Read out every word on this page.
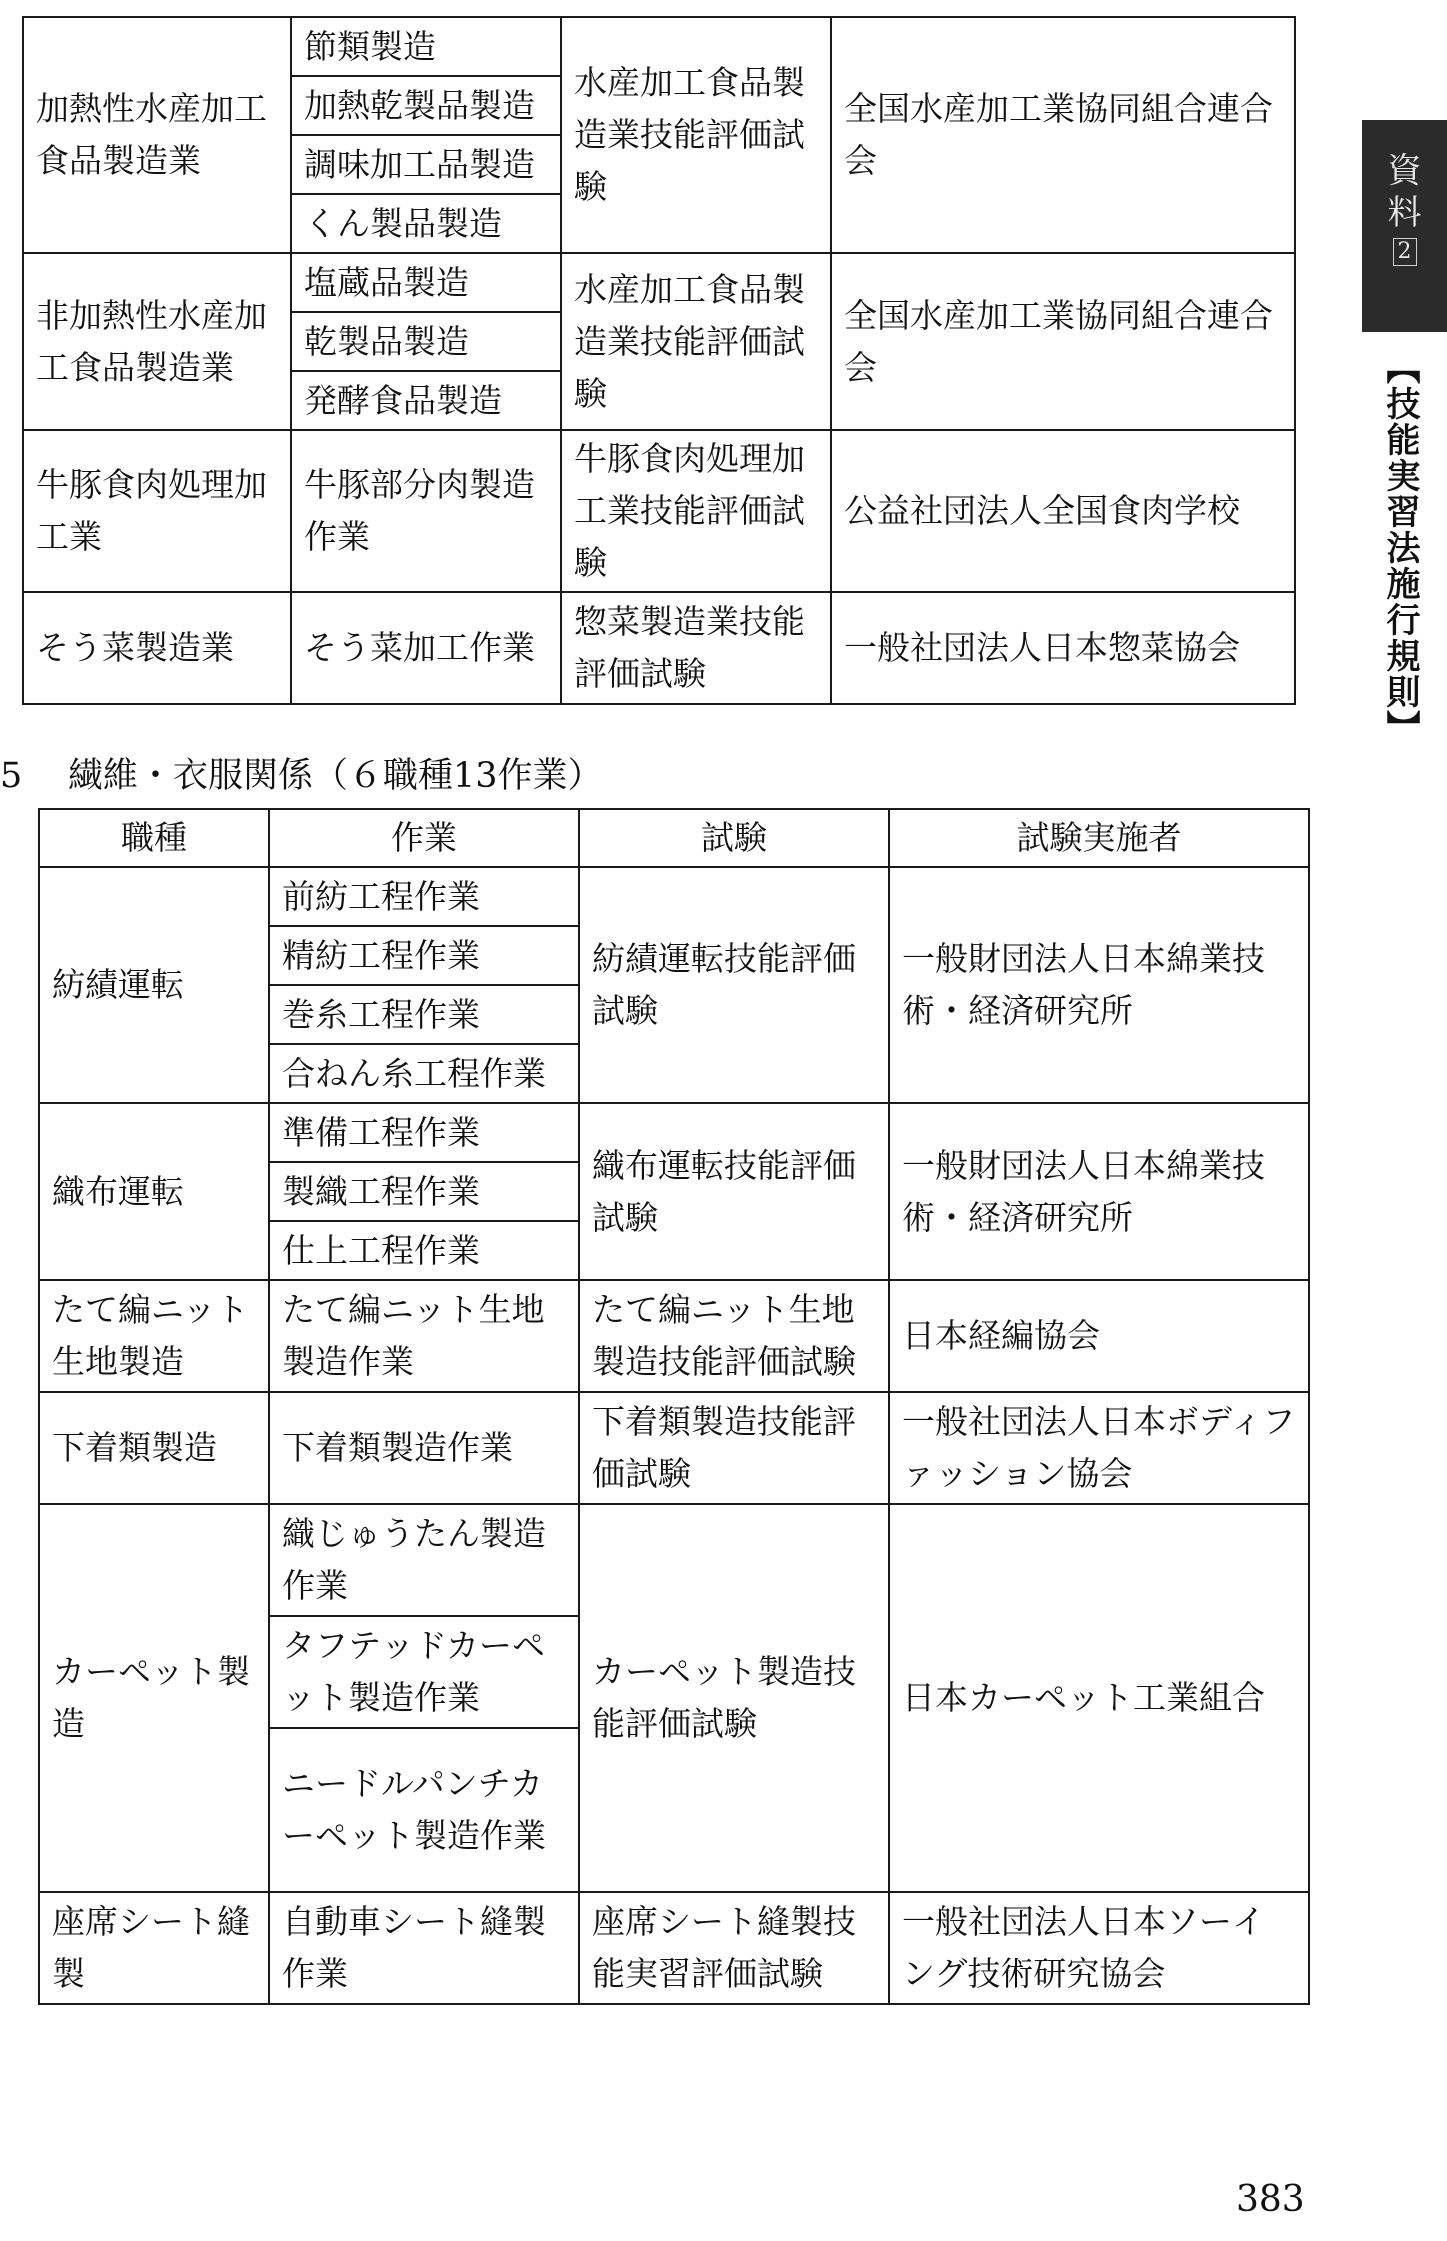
加熱性水産加工食品製造業	節類製造	水産加工食品製造業技能評価試験	全国水産加工業協同組合連合会
	加熱乾製品製造		
	調味加工品製造		
	くん製品製造		
非加熱性水産加工食品製造業	塩蔵品製造	水産加工食品製造業技能評価試験	全国水産加工業協同組合連合会
	乾製品製造		
	発酵食品製造		
牛豚食肉処理加工業	牛豚部分肉製造作業	牛豚食肉処理加工業技能評価試験	公益社団法人全国食肉学校
そう菜製造業	そう菜加工作業	惣菜製造業技能評価試験	一般社団法人日本惣菜協会
5 繊維・衣服関係（６職種13作業）
職種	作業	試験	試験実施者
紡績運転	前紡工程作業	紡績運転技能評価試験	一般財団法人日本綿業技術・経済研究所
	精紡工程作業		
	巻糸工程作業		
	合ねん糸工程作業		
織布運転	準備工程作業	織布運転技能評価試験	一般財団法人日本綿業技術・経済研究所
	製織工程作業		
	仕上工程作業		
たて編ニット生地製造	たて編ニット生地製造作業	たて編ニット生地製造技能評価試験	日本経編協会
下着類製造	下着類製造作業	下着類製造技能評価試験	一般社団法人日本ボディファッション協会
カーペット製造	織じゅうたん製造作業	カーペット製造技能評価試験	日本カーペット工業組合
	タフテッドカーペット製造作業		
	ニードルパンチカーペット製造作業		
座席シート縫製	自動車シート縫製作業	座席シート縫製技能実習評価試験	一般社団法人日本ソーイング技術研究協会
資
料
2
【技能実習法施行規則】
383
